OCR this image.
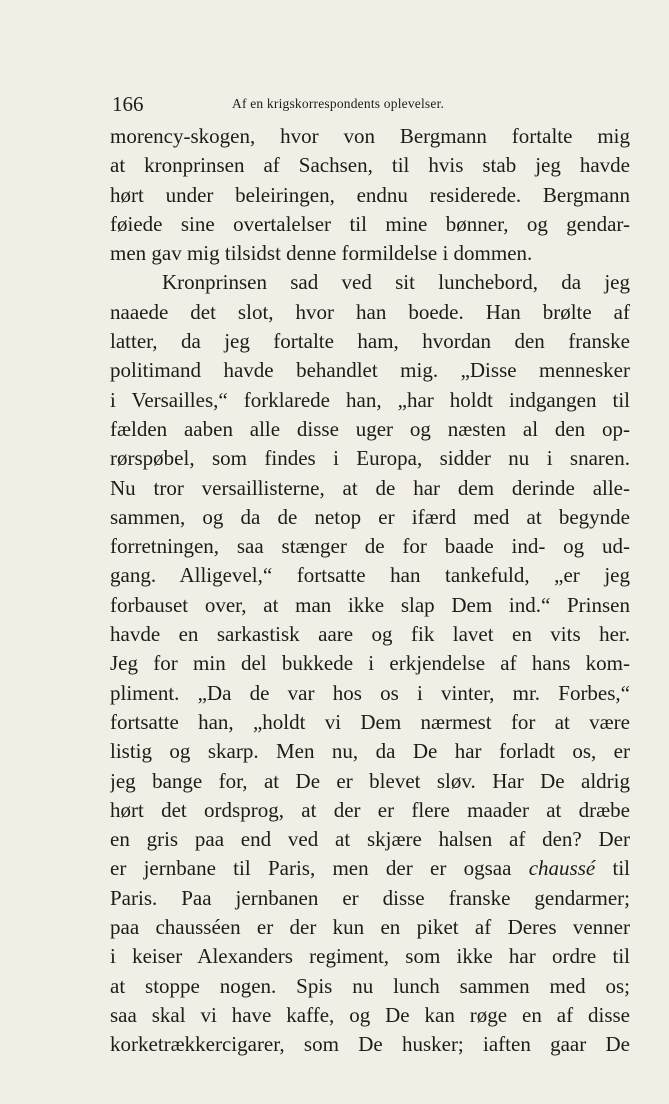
166	Af en krigskorrespondents oplevelser.
morency-skogen, hvor von Bergmann fortalte mig
at kronprinsen af Sachsen, til hvis stab jeg havde
hørt under beleiringen, endnu residerede. Bergmann
føiede sine overtalelser til mine bønner, og gendar-
men gav mig tilsidst denne formildelse i dommen.
Kronprinsen sad ved sit lunchebord, da jeg
naaede det slot, hvor han boede. Han brølte af
latter, da jeg fortalte ham, hvordan den franske
politimand havde behandlet mig. „Disse mennesker
i Versailles,“ forklarede han, „har holdt indgangen til
fælden aaben alle disse uger og næsten al den op-
rørspøbel, som findes i Europa, sidder nu i snaren.
Nu tror versaillisterne, at de har dem derinde alle-
sammen, og da de netop er ifærd med at begynde
forretningen, saa stænger de for baade ind- og ud-
gang. Alligevel,“ fortsatte han tankefuld, „er jeg
forbauset over, at man ikke slap Dem ind.“ Prinsen
havde en sarkastisk aare og fik lavet en vits her.
Jeg for min del bukkede i erkjendelse af hans kom-
pliment. „Da de var hos os i vinter, mr. Forbes,“
fortsatte han, „holdt vi Dem nærmest for at være
listig og skarp. Men nu, da De har forladt os, er
jeg bange for, at De er blevet sløv. Har De aldrig
hørt det ordsprog, at der er flere maader at dræbe
en gris paa end ved at skjære halsen af den? Der
er jernbane til Paris, men der er ogsaa chaussé til
Paris. Paa jernbanen er disse franske gendarmer;
paa chausséen er der kun en piket af Deres venner
i keiser Alexanders regiment, som ikke har ordre til
at stoppe nogen. Spis nu lunch sammen med os;
saa skal vi have kaffe, og De kan røge en af disse
korketrækkercigarer, som De husker; iaften gaar De
